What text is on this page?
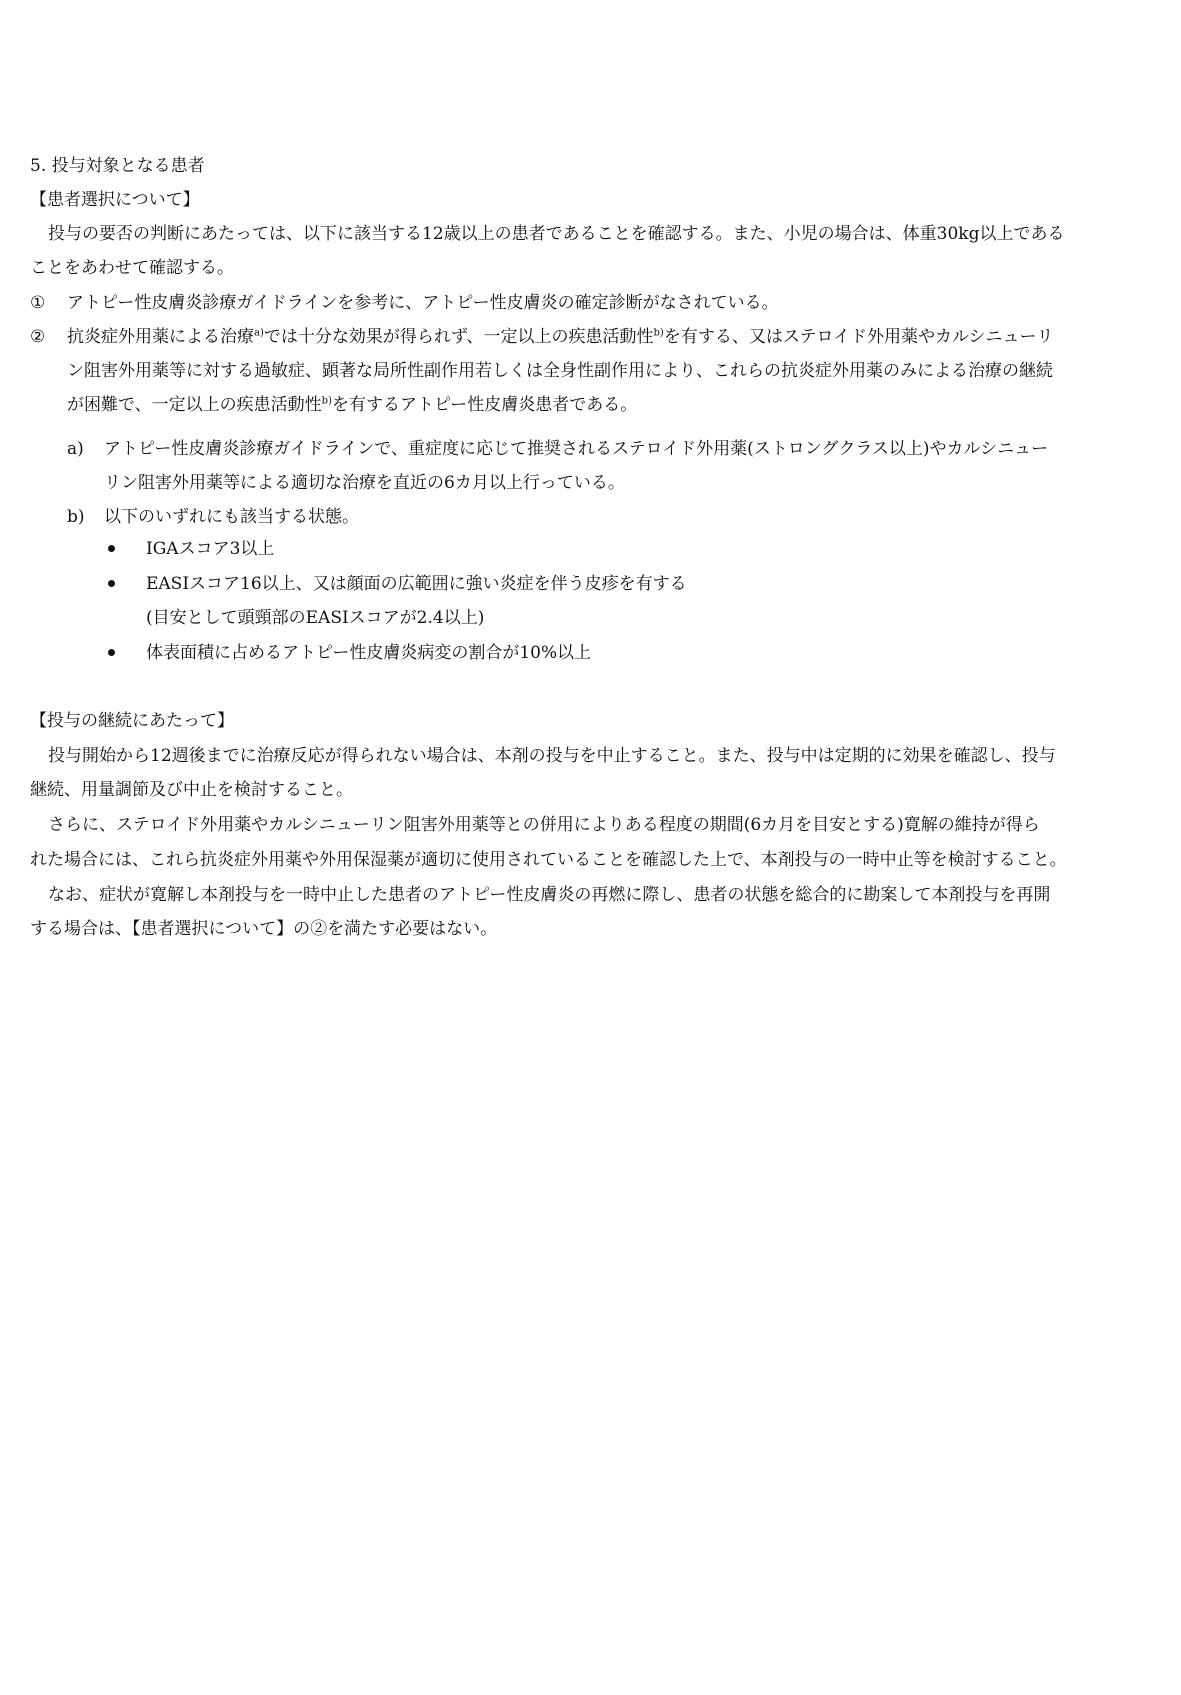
5. 投与対象となる患者
【患者選択について】
投与の要否の判断にあたっては、以下に該当する12歳以上の患者であることを確認する。また、小児の場合は、体重30kg以上である
ことをあわせて確認する。
① アトピー性皮膚炎診療ガイドラインを参考に、アトピー性皮膚炎の確定診断がなされている。
② 抗炎症外用薬による治療$^{a)}$では十分な効果が得られず、一定以上の疾患活動性$^{b)}$を有する、又はステロイド外用薬やカルシニューリ
ン阻害外用薬等に対する過敏症、顕著な局所性副作用若しくは全身性副作用により、これらの抗炎症外用薬のみによる治療の継続
が困難で、一定以上の疾患活動性$^{b)}$を有するアトピー性皮膚炎患者である。
a) アトピー性皮膚炎診療ガイドラインで、重症度に応じて推奨されるステロイド外用薬(ストロングクラス以上)やカルシニュー
リン阻害外用薬等による適切な治療を直近の6カ月以上行っている。
b) 以下のいずれにも該当する状態。
IGAスコア3以上
EASIスコア16以上、又は顔面の広範囲に強い炎症を伴う皮疹を有する
(目安として頭頸部のEASIスコアが2.4以上)
体表面積に占めるアトピー性皮膚炎病変の割合が10%以上
【投与の継続にあたって】
投与開始から12週後までに治療反応が得られない場合は、本剤の投与を中止すること。また、投与中は定期的に効果を確認し、投与
継続、用量調節及び中止を検討すること。
さらに、ステロイド外用薬やカルシニューリン阻害外用薬等との併用によりある程度の期間(6カ月を目安とする)寛解の維持が得ら
れた場合には、これら抗炎症外用薬や外用保湿薬が適切に使用されていることを確認した上で、本剤投与の一時中止等を検討すること。
なお、症状が寛解し本剤投与を一時中止した患者のアトピー性皮膚炎の再燃に際し、患者の状態を総合的に勘案して本剤投与を再開
する場合は、【患者選択について】の②を満たす必要はない。
